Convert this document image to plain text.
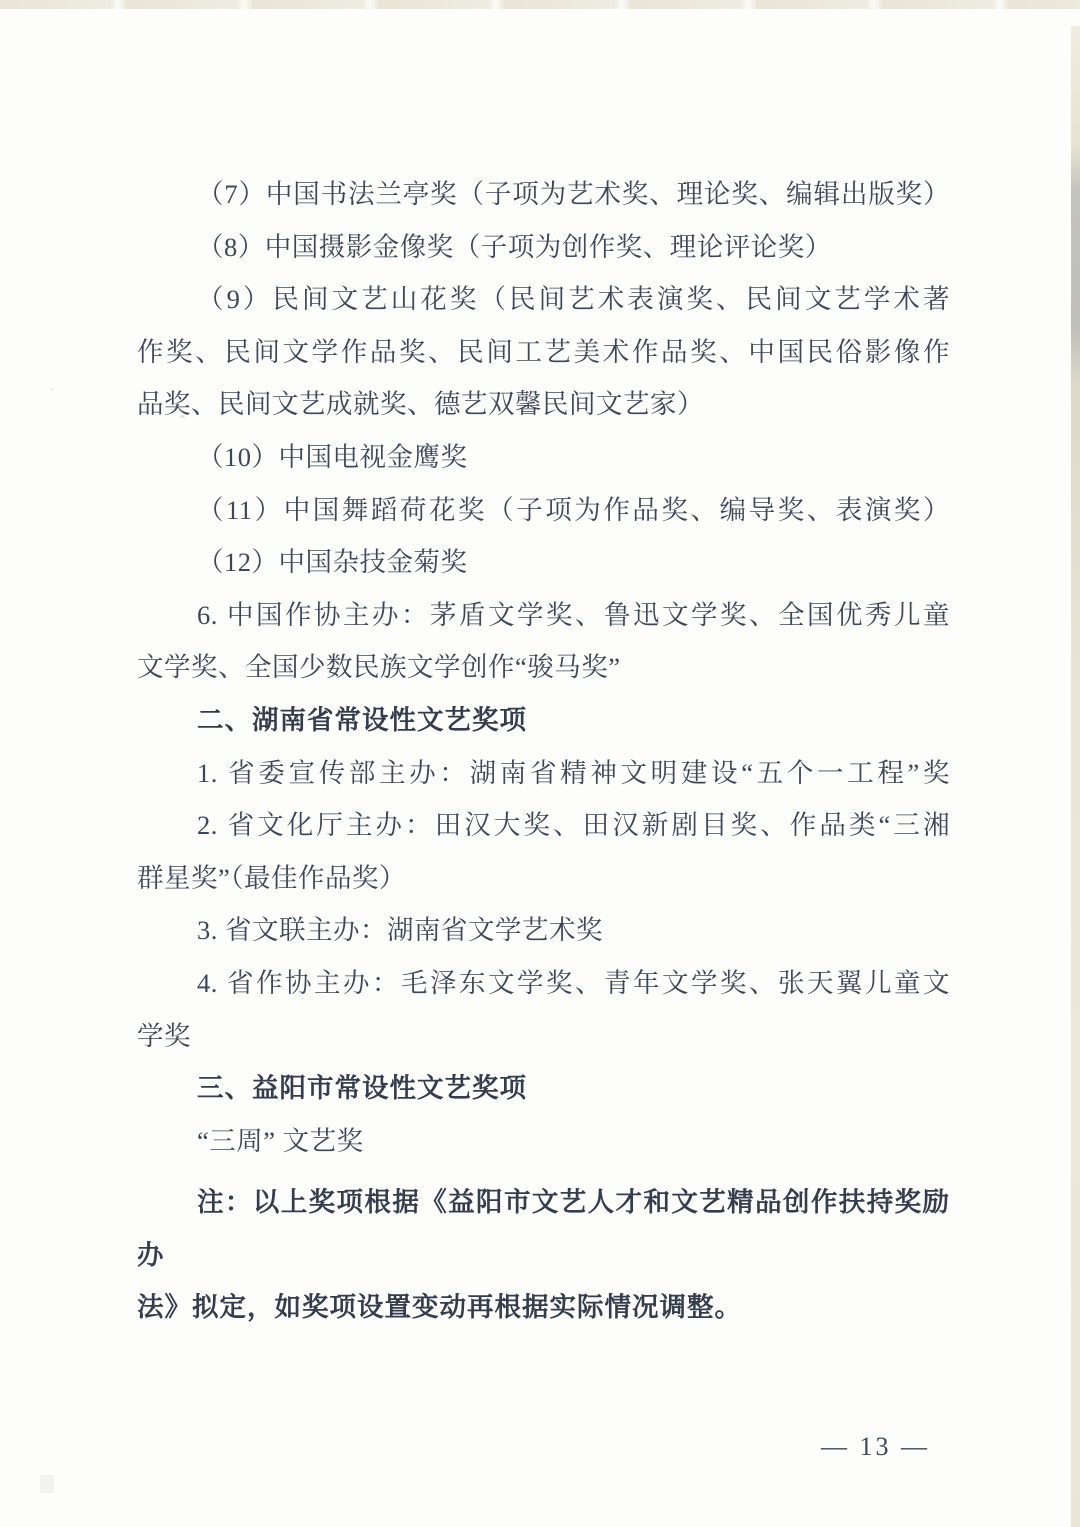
（7）中国书法兰亭奖（子项为艺术奖、理论奖、编辑出版奖）
（8）中国摄影金像奖（子项为创作奖、理论评论奖）
（9）民间文艺山花奖（民间艺术表演奖、民间文艺学术著
作奖、民间文学作品奖、民间工艺美术作品奖、中国民俗影像作
品奖、民间文艺成就奖、德艺双馨民间文艺家）
（10）中国电视金鹰奖
（11）中国舞蹈荷花奖（子项为作品奖、编导奖、表演奖）
（12）中国杂技金菊奖
6. 中国作协主办：茅盾文学奖、鲁迅文学奖、全国优秀儿童
文学奖、全国少数民族文学创作“骏马奖”
二、湖南省常设性文艺奖项
1. 省委宣传部主办：湖南省精神文明建设“五个一工程”奖
2. 省文化厅主办：田汉大奖、田汉新剧目奖、作品类“三湘
群星奖”（最佳作品奖）
3. 省文联主办：湖南省文学艺术奖
4. 省作协主办：毛泽东文学奖、青年文学奖、张天翼儿童文
学奖
三、益阳市常设性文艺奖项
“三周” 文艺奖
注：以上奖项根据《益阳市文艺人才和文艺精品创作扶持奖励办
法》拟定，如奖项设置变动再根据实际情况调整。
— 13 —
